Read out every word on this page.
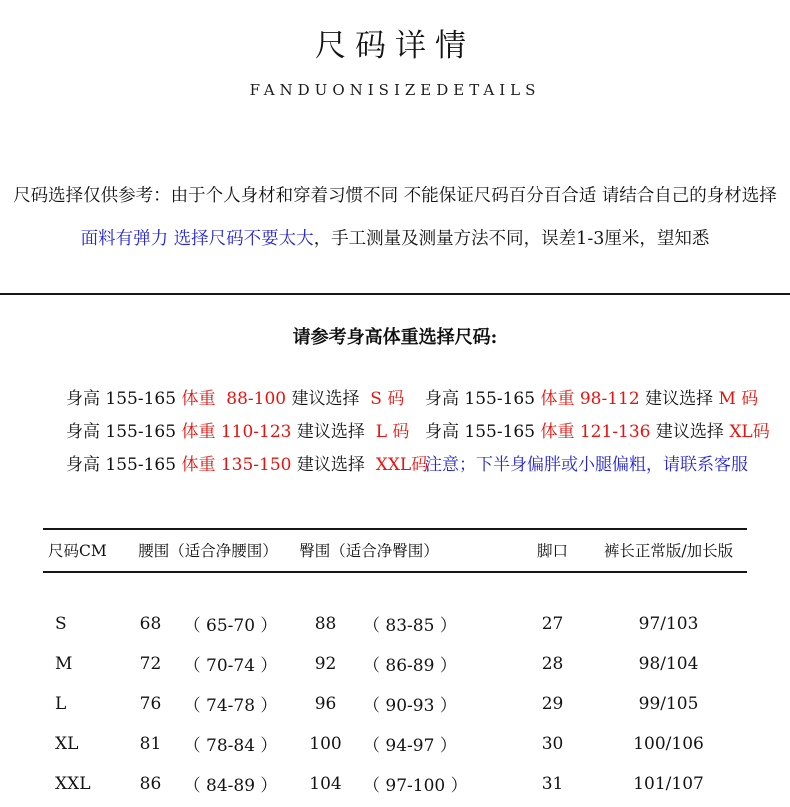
尺码详情
FANDUONISIZEDETAILS
尺码选择仅供参考：由于个人身材和穿着习惯不同 不能保证尺码百分百合适 请结合自己的身材选择
面料有弹力 选择尺码不要太大，手工测量及测量方法不同，误差1-3厘米，望知悉
请参考身高体重选择尺码:
身高 155-165 体重  88-100 建议选择  S 码
身高 155-165 体重 110-123 建议选择  L 码
身高 155-165 体重 135-150 建议选择  XXL码
身高 155-165 体重 98-112 建议选择 M 码
身高 155-165 体重 121-136 建议选择 XL码
注意；下半身偏胖或小腿偏粗，请联系客服
尺码CM	腰围（适合净腰围）		臀围（适合净臀围）			脚口	裤长正常版/加长版
S	68	（ 65-70 ）	88	（ 83-85 ）		27	97/103
M	72	（ 70-74 ）	92	（ 86-89 ）		28	98/104
L	76	（ 74-78 ）	96	（ 90-93 ）		29	99/105
XL	81	（ 78-84 ）	100	（ 94-97 ）		30	100/106
XXL	86	（ 84-89 ）	104	（ 97-100 ）		31	101/107
